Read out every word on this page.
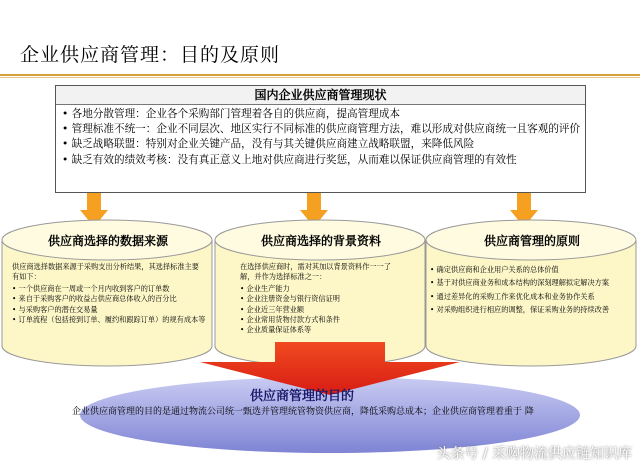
企业供应商管理：目的及原则
国内企业供应商管理现状
• 各地分散管理：企业各个采购部门管理着各自的供应商，提高管理成本
• 管理标准不统一：企业不同层次、地区实行不同标准的供应商管理方法，难以形成对供应商统一且客观的评价
• 缺乏战略联盟：特别对企业关键产品，没有与其关键供应商建立战略联盟，来降低风险
• 缺乏有效的绩效考核：没有真正意义上地对供应商进行奖惩，从而难以保证供应商管理的有效性
供应商选择的数据来源	供应商选择的背景资料	供应商管理的原则

供应商选择数据来源于采购支出分析结果，其选择标准主要有如下：

• 一个供应商在一周或一个月内收到客户的订单数
• 来自于采购客户的收益占供应商总体收入的百分比
• 与采购客户的潜在交易量
• 订单流程（包括接到订单、履约和跟踪订单）的规有成本等

在选择供应商时，需对其加以背景资料作一一了解，并作为选择标准之一：

• 企业生产能力
• 企业注册资金与银行资信证明
• 企业近三年营业额
• 企业常用货物付款方式和条件
• 企业质量保证体系等
• 确定供应商和企业用户关系的总体价值
• 基于对供应商业务和成本结构的深刻理解拟定解决方案
• 通过差异化的采购工作来优化成本和业务协作关系
• 对采购组织进行相应的调整，保证采购业务的持续改善
供应商管理的目的
企业供应商管理的目的是通过物流公司统一甄选并管理统管物资供应商，降低采购总成本；企业供应商管理着重于 降
头条号 / 采购物流供应链知识库
